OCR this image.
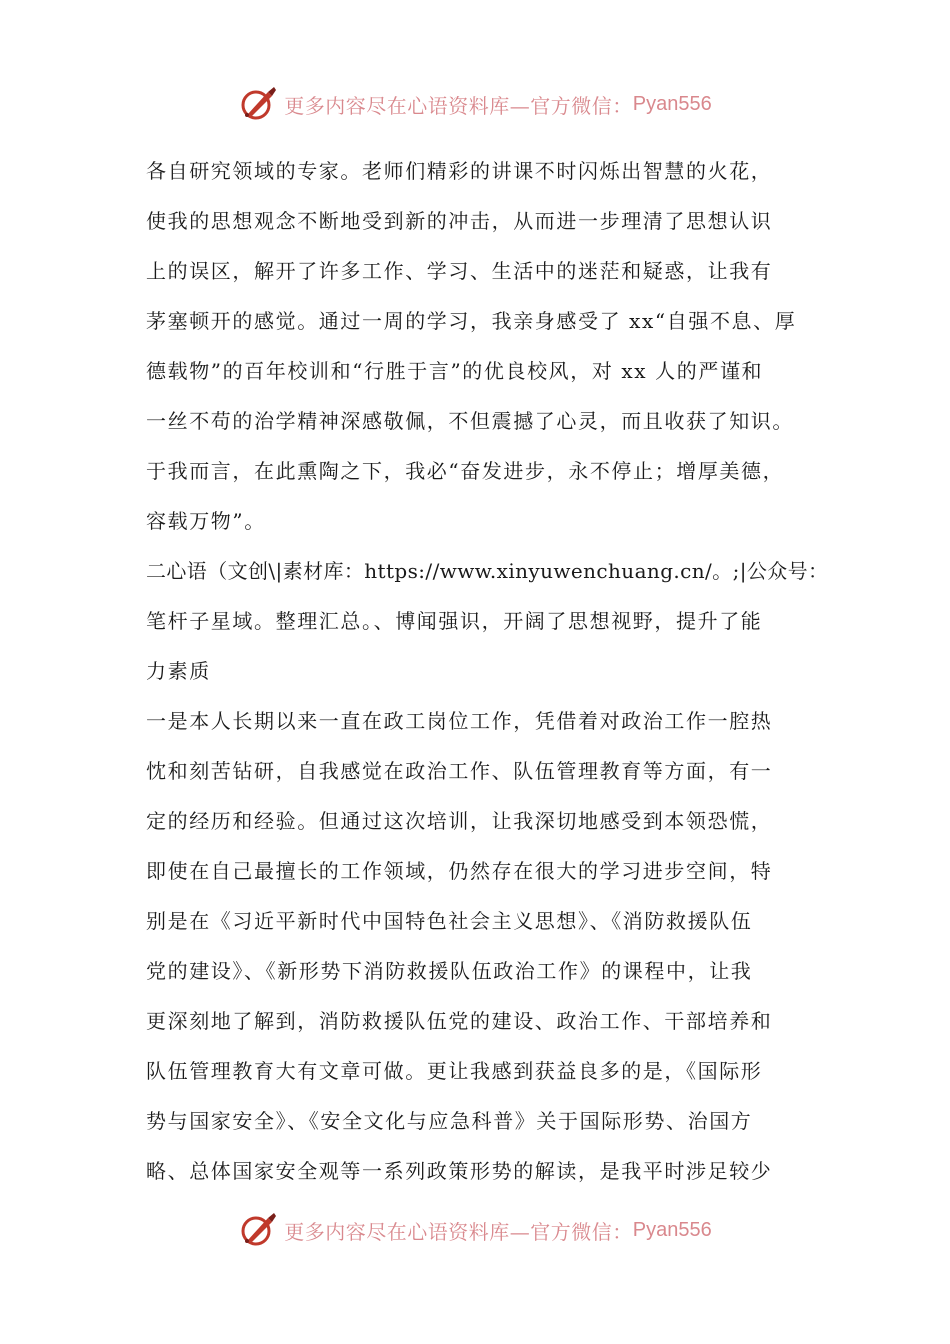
更多内容尽在心语资料库—官方微信： Pyan556
各自研究领域的专家。老师们精彩的讲课不时闪烁出智慧的火花，
使我的思想观念不断地受到新的冲击，从而进一步理清了思想认识
上的误区，解开了许多工作、学习、生活中的迷茫和疑惑，让我有
茅塞顿开的感觉。通过一周的学习，我亲身感受了 xx“自强不息、厚
德载物”的百年校训和“行胜于言”的优良校风，对 xx 人的严谨和
一丝不苟的治学精神深感敬佩，不但震撼了心灵，而且收获了知识。
于我而言，在此熏陶之下，我必“奋发进步，永不停止；增厚美德，
容载万物”。
二心语（文创\|素材库：https://www.xinyuwenchuang.cn/。;|公众号：
笔杆子星域。整理汇总。、博闻强识，开阔了思想视野，提升了能
力素质
一是本人长期以来一直在政工岗位工作，凭借着对政治工作一腔热
忱和刻苦钻研，自我感觉在政治工作、队伍管理教育等方面，有一
定的经历和经验。但通过这次培训，让我深切地感受到本领恐慌，
即使在自己最擅长的工作领域，仍然存在很大的学习进步空间，特
别是在《习近平新时代中国特色社会主义思想》、《消防救援队伍
党的建设》、《新形势下消防救援队伍政治工作》的课程中，让我
更深刻地了解到，消防救援队伍党的建设、政治工作、干部培养和
队伍管理教育大有文章可做。更让我感到获益良多的是，《国际形
势与国家安全》、《安全文化与应急科普》关于国际形势、治国方
略、总体国家安全观等一系列政策形势的解读，是我平时涉足较少
更多内容尽在心语资料库—官方微信： Pyan556
